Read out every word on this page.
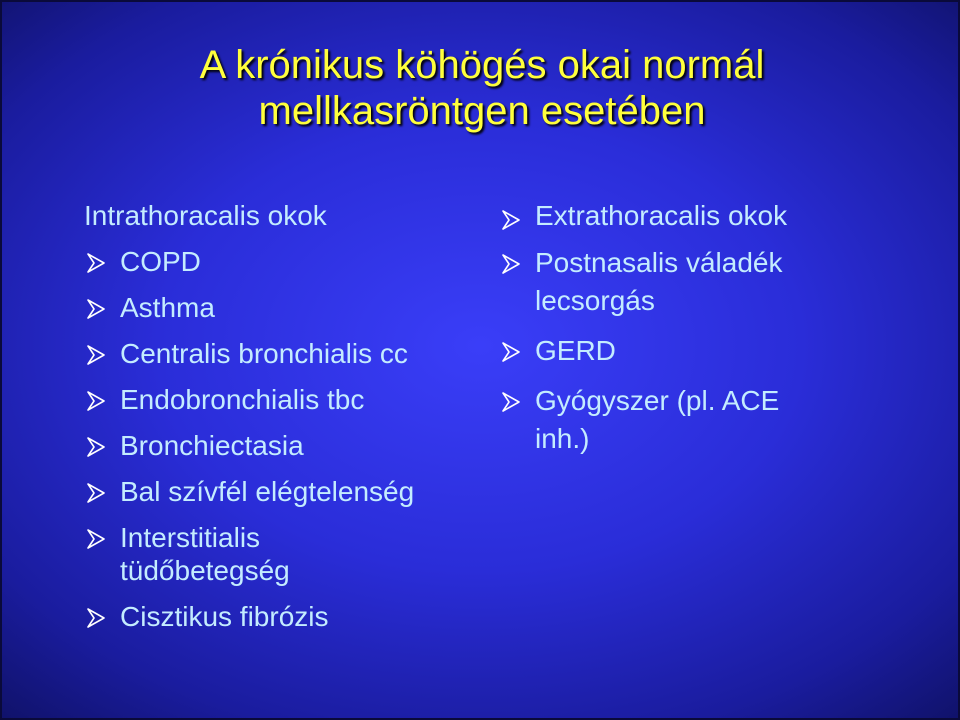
A krónikus köhögés okai normál
mellkasröntgen esetében
Intrathoracalis okok
COPD
Asthma
Centralis bronchialis cc
Endobronchialis tbc
Bronchiectasia
Bal szívfél elégtelenség
Interstitialis
tüdőbetegség
Cisztikus fibrózis
Extrathoracalis okok
Postnasalis váladék
lecsorgás
GERD
Gyógyszer (pl. ACE
inh.)
